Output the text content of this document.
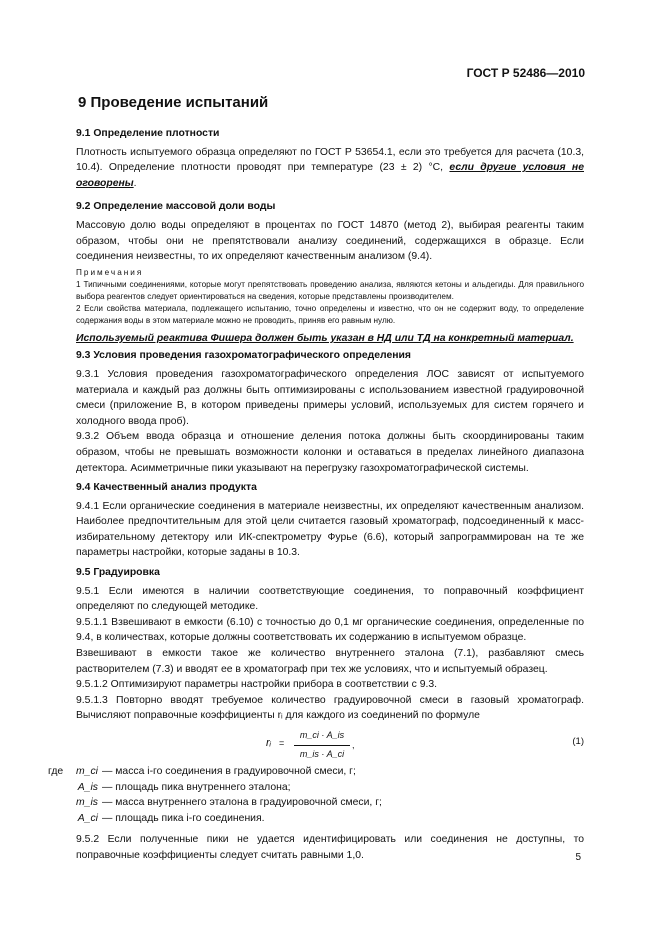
ГОСТ Р 52486—2010
9 Проведение испытаний
9.1 Определение плотности

Плотность испытуемого образца определяют по ГОСТ Р 53654.1, если это требуется для расчета (10.3, 10.4). Определение плотности проводят при температуре (23 ± 2) °С, если другие условия не оговорены.

9.2 Определение массовой доли воды

Массовую долю воды определяют в процентах по ГОСТ 14870 (метод 2), выбирая реагенты таким образом, чтобы они не препятствовали анализу соединений, содержащихся в образце. Если соединения неизвестны, то их определяют качественным анализом (9.4).

Примечания
1 Типичными соединениями, которые могут препятствовать проведению анализа, являются кетоны и альдегиды. Для правильного выбора реагентов следует ориентироваться на сведения, которые представлены производителем.
2 Если свойства материала, подлежащего испытанию, точно определены и известно, что он не содержит воду, то определение содержания воды в этом материале можно не проводить, приняв его равным нулю.

Используемый реактива Фишера должен быть указан в НД или ТД на конкретный материал.

9.3 Условия проведения газохроматографического определения

9.3.1 Условия проведения газохроматографического определения ЛОС зависят от испытуемого материала и каждый раз должны быть оптимизированы с использованием известной градуировочной смеси (приложение В, в котором приведены примеры условий, используемых для систем горячего и холодного ввода проб).

9.3.2 Объем ввода образца и отношение деления потока должны быть скоординированы таким образом, чтобы не превышать возможности колонки и оставаться в пределах линейного диапазона детектора. Асимметричные пики указывают на перегрузку газохроматографической системы.

9.4 Качественный анализ продукта

9.4.1 Если органические соединения в материале неизвестны, их определяют качественным анализом. Наиболее предпочтительным для этой цели считается газовый хроматограф, подсоединенный к масс-избирательному детектору или ИК-спектрометру Фурье (6.6), который запрограммирован на те же параметры настройки, которые заданы в 10.3.

9.5 Градуировка

9.5.1 Если имеются в наличии соответствующие соединения, то поправочный коэффициент определяют по следующей методике.

9.5.1.1 Взвешивают в емкости (6.10) с точностью до 0,1 мг органические соединения, определенные по 9.4, в количествах, которые должны соответствовать их содержанию в испытуемом образце.

Взвешивают в емкости такое же количество внутреннего эталона (7.1), разбавляют смесь растворителем (7.3) и вводят ее в хроматограф при тех же условиях, что и испытуемый образец.

9.5.1.2 Оптимизируют параметры настройки прибора в соответствии с 9.3.

9.5.1.3 Повторно вводят требуемое количество градуировочной смеси в газовый хроматограф. Вычисляют поправочные коэффициенты rᵢ для каждого из соединений по формуле

rᵢ = $\frac{m\_ci \cdot A\_is}{m\_is \cdot A\_ci}$ ,	(1)
где	m_ci — масса i-го соединения в градуировочной смеси, г;
A_is — площадь пика внутреннего эталона;
m_is — масса внутреннего эталона в градуировочной смеси, г;
A_ci — площадь пика i-го соединения.

9.5.2 Если полученные пики не удается идентифицировать или соединения не доступны, то поправочные коэффициенты следует считать равными 1,0.	5
